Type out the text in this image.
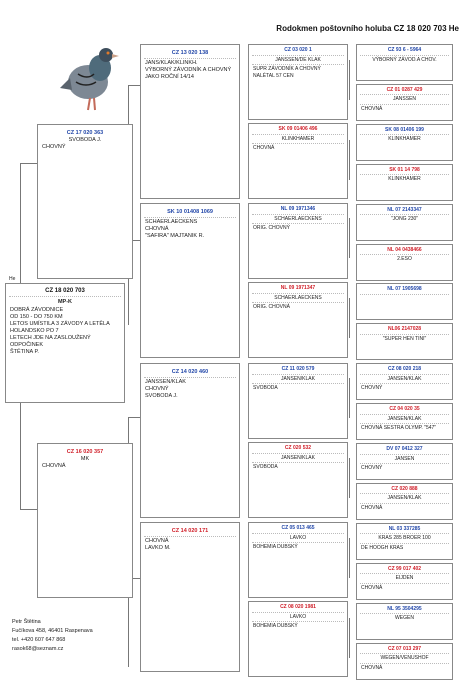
Rodokmen poštovního holuba CZ 18 020 703 He
He
CZ 18 020 703
MP-K
DOBRÁ ZÁVODNICE
OD 150 - DO 750 KM
LETOS UMÍSTILA 3 ZÁVODY A LETĚLA
HOLANDSKO PO 7
LETECH JDE NA ZASLOUŽENÝ
ODPOČINEK
ŠTĚTINA P.
CZ 17 020 363
SVOBODA J.
CHOVNÝ
CZ 16 020 357
MK
CHOVNÁ
CZ 13 020 138
JANS/KLAK/KLINKH.
VÝBORNÝ ZÁVODNÍK A CHOVNÝ
JAKO ROČNÍ 14/14
SK 10 01408 1069
SCHAERLAECKENS
CHOVNÁ
"SAFIRA" MAJTANIK R.
CZ 14 020 460
JANSSEN/KLAK
CHOVNÝ
SVOBODA J.
CZ 14 020 171
CHOVNÁ
LAVKO M.
CZ 03 020 1
JANSSEN/DE KLAK
SUPR ZÁVODNÍK A CHOVNÝ
NALÉTAL 57 CEN
SK 09 01406 496
KLINKHAMER
CHOVNÁ
NL 09 1971346
SCHAERLAECKENS
ORIG. CHOVNÝ
NL 09 1971347
SCHAERLAECKENS
ORIG. CHOVNÁ
CZ 11 020 579
JANSEN/KLAK
SVOBODA
CZ 020 532
JANSEN/KLAK
SVOBODA
CZ 05 013 465
LAVKO
BOHEMIA DUBSKÝ
CZ 08 020 1981
LAVKO
BOHEMIA DUBSKÝ
CZ 93 6 - 5964
VÝBORNÝ ZÁVOD.A CHOV.
CZ 01 0287 429
JANSSEN
CHOVNÁ
SK 08 01406 199
KLINKHAMER
SK 01 14 798
KLINKHAMER
NL 07 2143347
"JONG 230"
NL 04 0438466
2.ESO
NL 07 1905698
NL06 2147028
"SUPER HEN TINI"
CZ 08 020 218
JANSEN/KLAK
CHOVNÝ
CZ 04 020 35
JANSEN/KLAK
CHOVNÁ SESTRA OLYMP. "547"
DV 07 0412 327
JANSEN
CHOVNÝ
CZ 020 888
JANSEN/KLAK
CHOVNÁ
NL 03 337285
KRAS 285 BROER 100
DE HOOGH KRAS
CZ 99 017 402
EIJDEN
CHOVNÁ
NL 95 3504295
WEGEN
CZ 07 013 297
WEGEN/VENUSHOF
CHOVNÁ
Petr Štětina
Fučíkova 458, 46401 Raspenava
tel. +420 607 647 868
rasok68@seznam.cz
